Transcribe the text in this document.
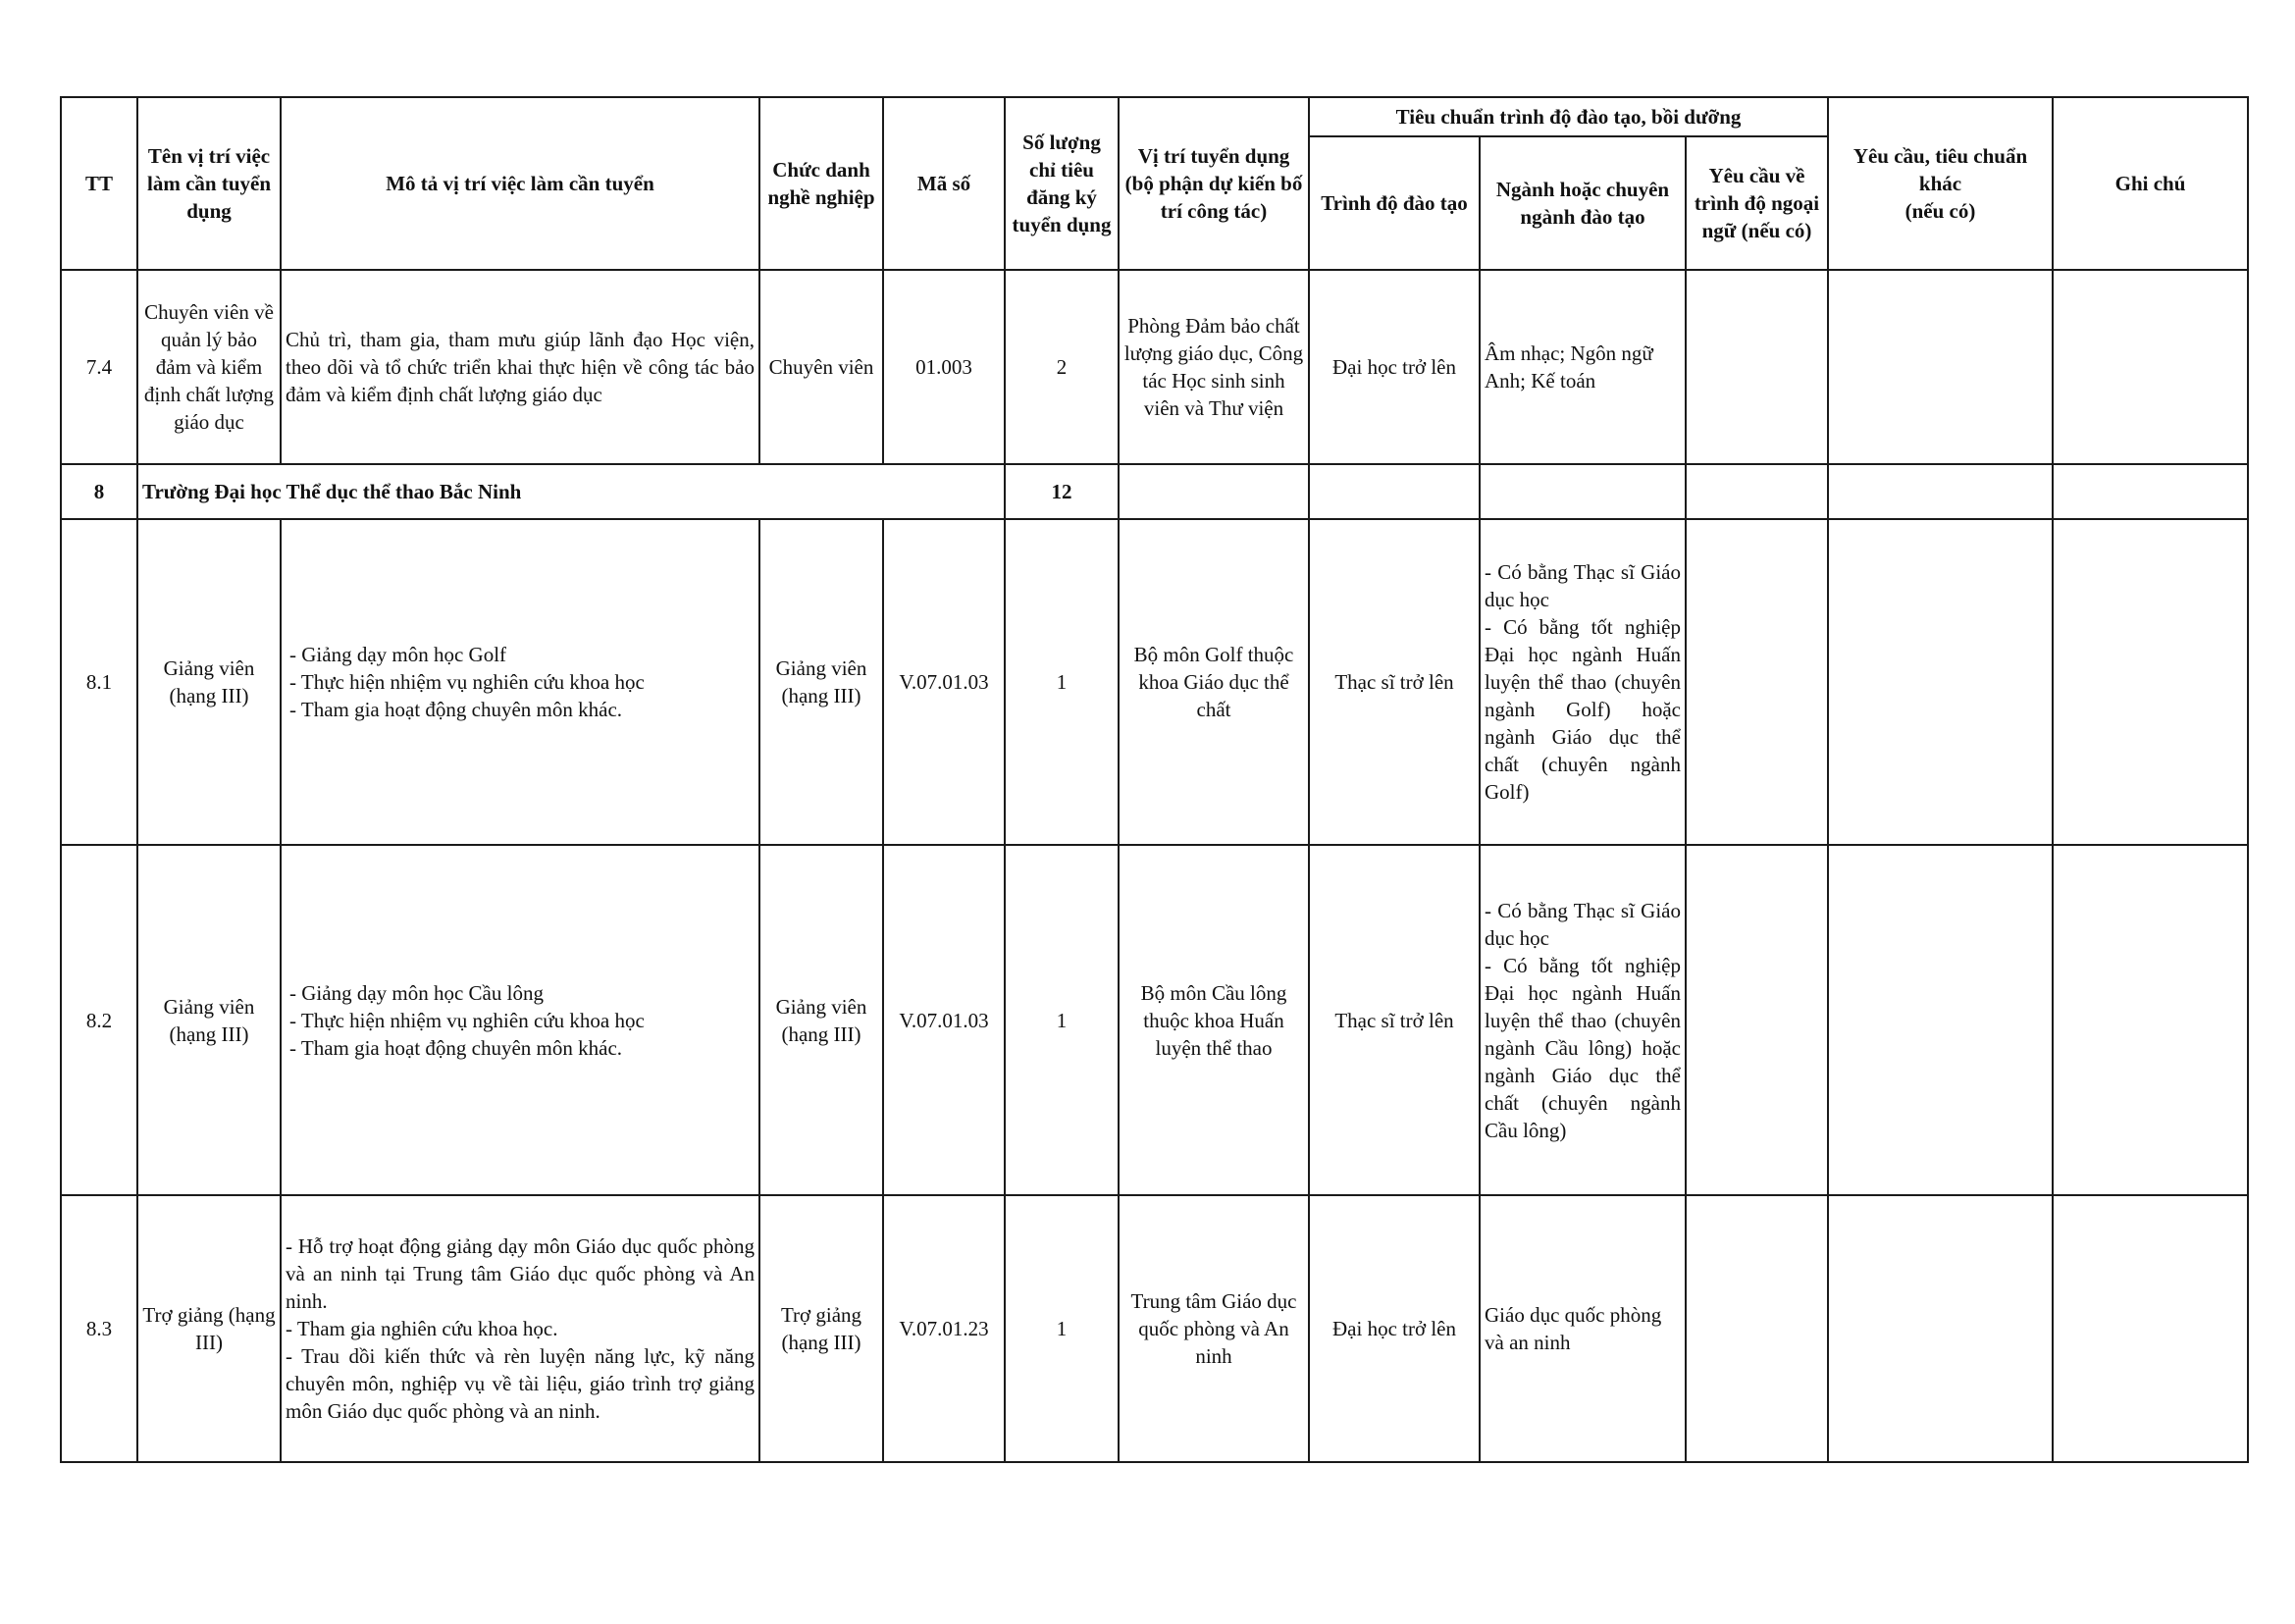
TT	Tên vị trí việc làm cần tuyển dụng	Mô tả vị trí việc làm cần tuyển	Chức danh nghề nghiệp	Mã số	Số lượng chỉ tiêu đăng ký tuyển dụng	Vị trí tuyển dụng (bộ phận dự kiến bố trí công tác)	Tiêu chuẩn trình độ đào tạo, bồi dưỡng			Yêu cầu, tiêu chuẩn khác
(nếu có)	Ghi chú
							Trình độ đào tạo	Ngành hoặc chuyên ngành đào tạo	Yêu cầu về trình độ ngoại ngữ (nếu có)		
7.4	Chuyên viên về quản lý bảo đảm và kiểm định chất lượng giáo dục	Chủ trì, tham gia, tham mưu giúp lãnh đạo Học viện, theo dõi và tổ chức triển khai thực hiện về công tác bảo đảm và kiểm định chất lượng giáo dục	Chuyên viên	01.003	2	Phòng Đảm bảo chất lượng giáo dục, Công tác Học sinh sinh viên và Thư viện	Đại học trở lên	Âm nhạc; Ngôn ngữ Anh; Kế toán			
8	Trường Đại học Thể dục thể thao Bắc Ninh				12						
8.1	Giảng viên (hạng III)	- Giảng dạy môn học Golf
- Thực hiện nhiệm vụ nghiên cứu khoa học
- Tham gia hoạt động chuyên môn khác.	Giảng viên (hạng III)	V.07.01.03	1	Bộ môn Golf thuộc khoa Giáo dục thể chất	Thạc sĩ trở lên	- Có bằng Thạc sĩ Giáo dục học
- Có bằng tốt nghiệp Đại học ngành Huấn luyện thể thao (chuyên ngành Golf) hoặc ngành Giáo dục thể chất (chuyên ngành Golf)			
8.2	Giảng viên (hạng III)	- Giảng dạy môn học Cầu lông
- Thực hiện nhiệm vụ nghiên cứu khoa học
- Tham gia hoạt động chuyên môn khác.	Giảng viên (hạng III)	V.07.01.03	1	Bộ môn Cầu lông thuộc khoa Huấn luyện thể thao	Thạc sĩ trở lên	- Có bằng Thạc sĩ Giáo dục học
- Có bằng tốt nghiệp Đại học ngành Huấn luyện thể thao (chuyên ngành Cầu lông) hoặc ngành Giáo dục thể chất (chuyên ngành Cầu lông)			
8.3	Trợ giảng (hạng III)	- Hỗ trợ hoạt động giảng dạy môn Giáo dục quốc phòng và an ninh tại Trung tâm Giáo dục quốc phòng và An ninh.
- Tham gia nghiên cứu khoa học.
- Trau dồi kiến thức và rèn luyện năng lực, kỹ năng chuyên môn, nghiệp vụ về tài liệu, giáo trình trợ giảng môn Giáo dục quốc phòng và an ninh.	Trợ giảng (hạng III)	V.07.01.23	1	Trung tâm Giáo dục quốc phòng và An ninh	Đại học trở lên	Giáo dục quốc phòng và an ninh			
